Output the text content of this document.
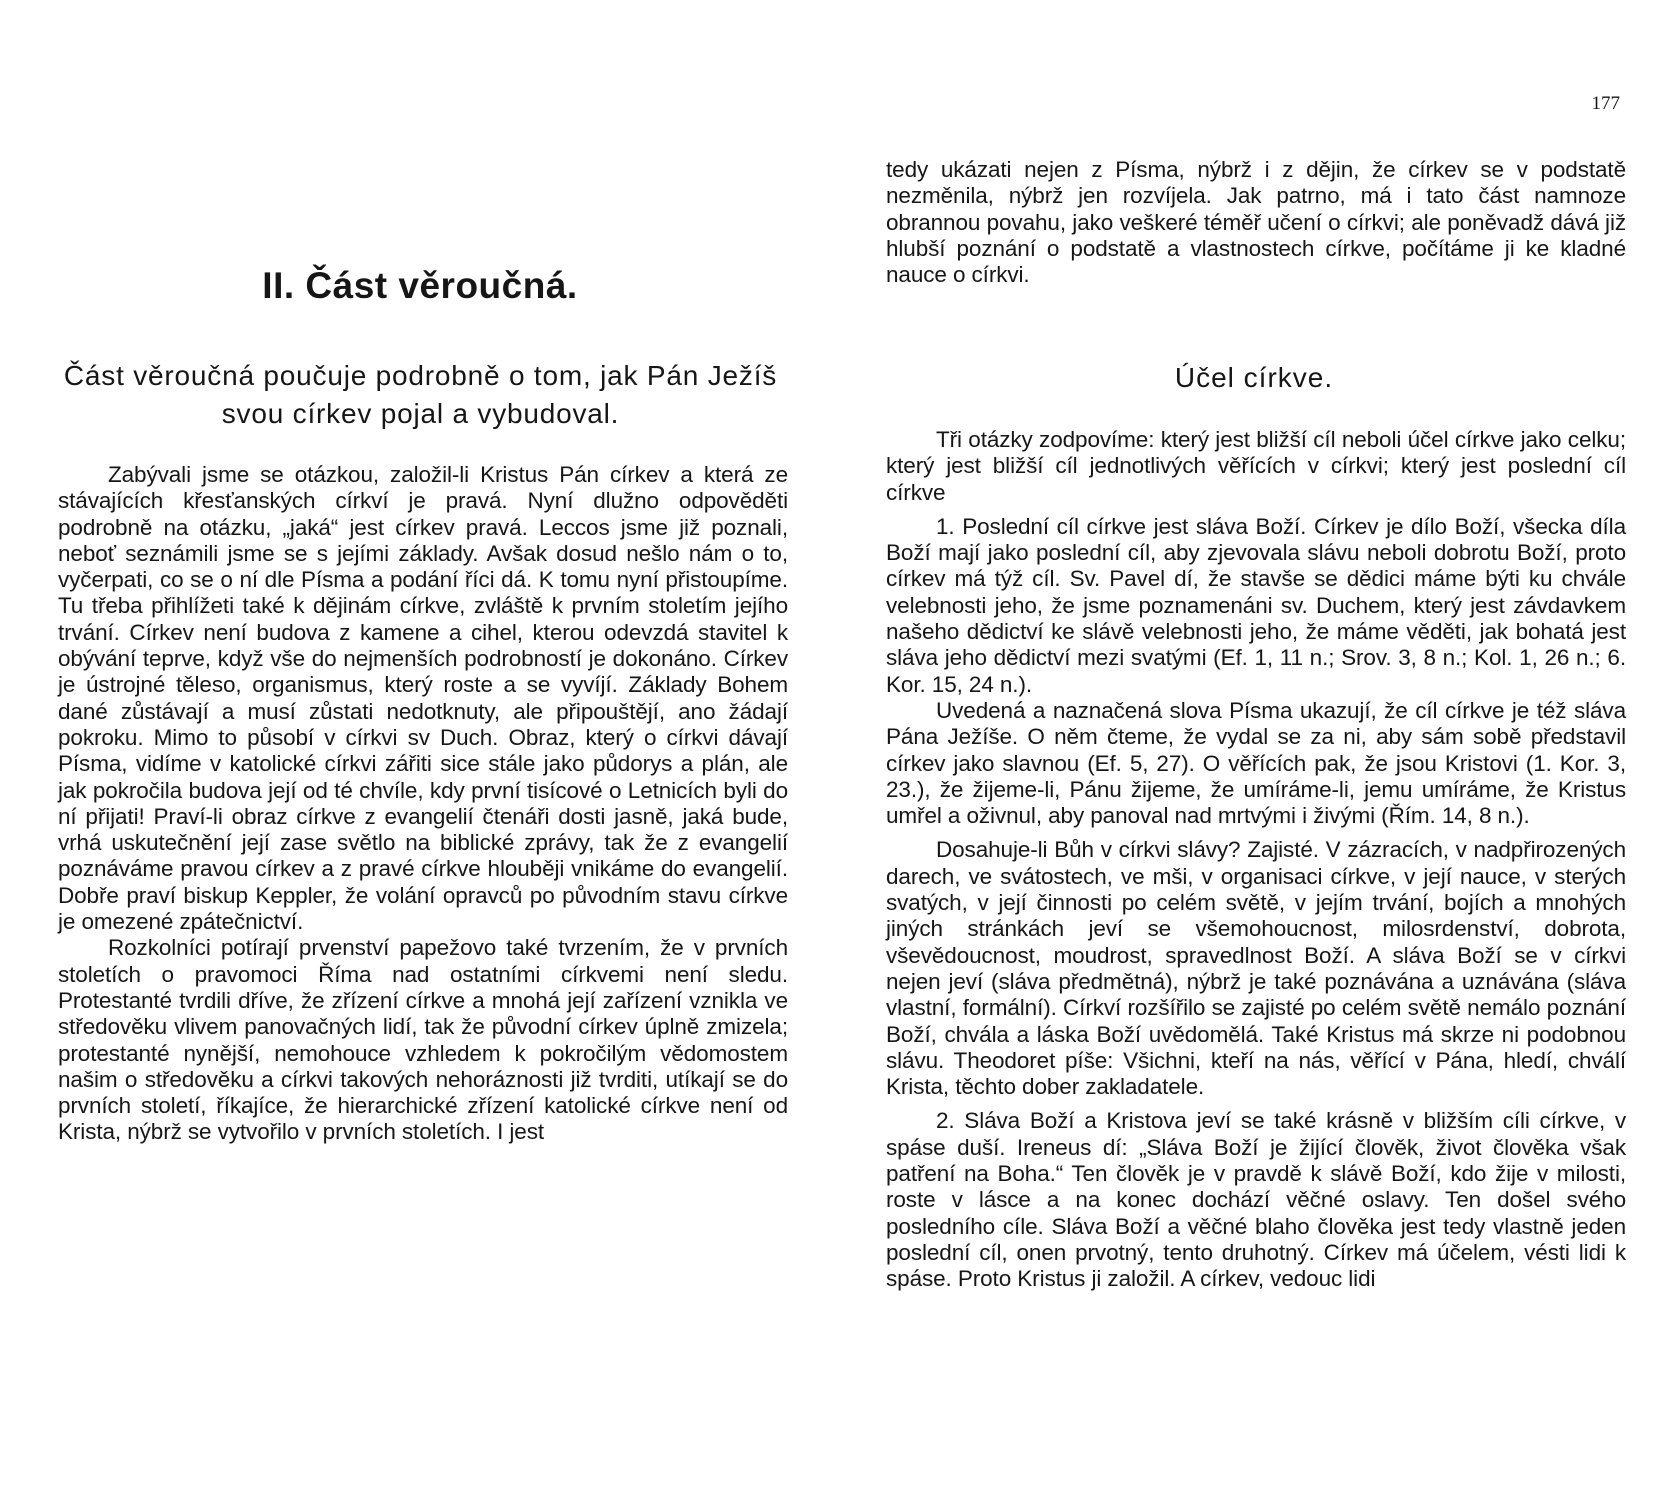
II. Část věroučná.
Část věroučná poučuje podrobně o tom, jak Pán Ježíš svou církev pojal a vybudoval.

Zabývali jsme se otázkou, založil-li Kristus Pán církev a která ze stávajících křesťanských církví je pravá. Nyní dlužno odpověděti podrobně na otázku, „jaká“ jest církev pravá. Leccos jsme již poznali, neboť seznámili jsme se s jejími základy. Avšak dosud nešlo nám o to, vyčerpati, co se o ní dle Písma a podání říci dá. K tomu nyní přistoupíme. Tu třeba přihlížeti také k dějinám církve, zvláště k prvním stoletím jejího trvání. Církev není budova z kamene a cihel, kterou odevzdá stavitel k obývání teprve, když vše do nejmenších podrobností je dokonáno. Církev je ústrojné těleso, organismus, který roste a se vyvíjí. Základy Bohem dané zůstávají a musí zůstati nedotknuty, ale připouštějí, ano žádají pokroku. Mimo to působí v církvi sv Duch. Obraz, který o církvi dávají Písma, vidíme v katolické církvi zářiti sice stále jako půdorys a plán, ale jak pokročila budova její od té chvíle, kdy první tisícové o Letnicích byli do ní přijati! Praví-li obraz církve z evangelií čtenáři dosti jasně, jaká bude, vrhá uskutečnění její zase světlo na biblické zprávy, tak že z evangelií poznáváme pravou církev a z pravé církve hlouběji vnikáme do evangelií. Dobře praví biskup Keppler, že volání opravců po původním stavu církve je omezené zpátečnictví.

Rozkolníci potírají prvenství papežovo také tvrzením, že v prvních stoletích o pravomoci Říma nad ostatními církvemi není sledu. Protestanté tvrdili dříve, že zřízení církve a mnohá její zařízení vznikla ve středověku vlivem panovačných lidí, tak že původní církev úplně zmizela; protestanté nynější, nemohouce vzhledem k pokročilým vědomostem našim o středověku a církvi takových nehoráznosti již tvrditi, utíkají se do prvních století, říkajíce, že hierarchické zřízení katolické církve není od Krista, nýbrž se vytvořilo v prvních stoletích. I jest

177

tedy ukázati nejen z Písma, nýbrž i z dějin, že církev se v podstatě nezměnila, nýbrž jen rozvíjela. Jak patrno, má i tato část namnoze obrannou povahu, jako veškeré téměř učení o církvi; ale poněvadž dává již hlubší poznání o podstatě a vlastnostech církve, počítáme ji ke kladné nauce o církvi.

Účel církve.

Tři otázky zodpovíme: který jest bližší cíl neboli účel církve jako celku; který jest bližší cíl jednotlivých věřících v církvi; který jest poslední cíl církve

1. Poslední cíl církve jest sláva Boží. Církev je dílo Boží, všecka díla Boží mají jako poslední cíl, aby zjevovala slávu neboli dobrotu Boží, proto církev má týž cíl. Sv. Pavel dí, že stavše se dědici máme býti ku chvále velebnosti jeho, že jsme poznamenáni sv. Duchem, který jest závdavkem našeho dědictví ke slávě velebnosti jeho, že máme věděti, jak bohatá jest sláva jeho dědictví mezi svatými (Ef. 1, 11 n.; Srov. 3, 8 n.; Kol. 1, 26 n.; 6. Kor. 15, 24 n.).

Uvedená a naznačená slova Písma ukazují, že cíl církve je též sláva Pána Ježíše. O něm čteme, že vydal se za ni, aby sám sobě představil církev jako slavnou (Ef. 5, 27). O věřících pak, že jsou Kristovi (1. Kor. 3, 23.), že žijeme-li, Pánu žijeme, že umíráme-li, jemu umíráme, že Kristus umřel a oživnul, aby panoval nad mrtvými i živými (Řím. 14, 8 n.).

Dosahuje-li Bůh v církvi slávy? Zajisté. V zázracích, v nadpřirozených darech, ve svátostech, ve mši, v organisaci církve, v její nauce, v sterých svatých, v její činnosti po celém světě, v jejím trvání, bojích a mnohých jiných stránkách jeví se všemohoucnost, milosrdenství, dobrota, vševědoucnost, moudrost, spravedlnost Boží. A sláva Boží se v církvi nejen jeví (sláva předmětná), nýbrž je také poznávána a uznávána (sláva vlastní, formální). Církví rozšířilo se zajisté po celém světě nemálo poznání Boží, chvála a láska Boží uvědomělá. Také Kristus má skrze ni podobnou slávu. Theodoret píše: Všichni, kteří na nás, věřící v Pána, hledí, chválí Krista, těchto dober zakladatele.

2. Sláva Boží a Kristova jeví se také krásně v bližším cíli církve, v spáse duší. Ireneus dí: „Sláva Boží je žijící člověk, život člověka však patření na Boha.“ Ten člověk je v pravdě k slávě Boží, kdo žije v milosti, roste v lásce a na konec dochází věčné oslavy. Ten došel svého posledního cíle. Sláva Boží a věčné blaho člověka jest tedy vlastně jeden poslední cíl, onen prvotný, tento druhotný. Církev má účelem, vésti lidi k spáse. Proto Kristus ji založil. A církev, vedouc lidi
